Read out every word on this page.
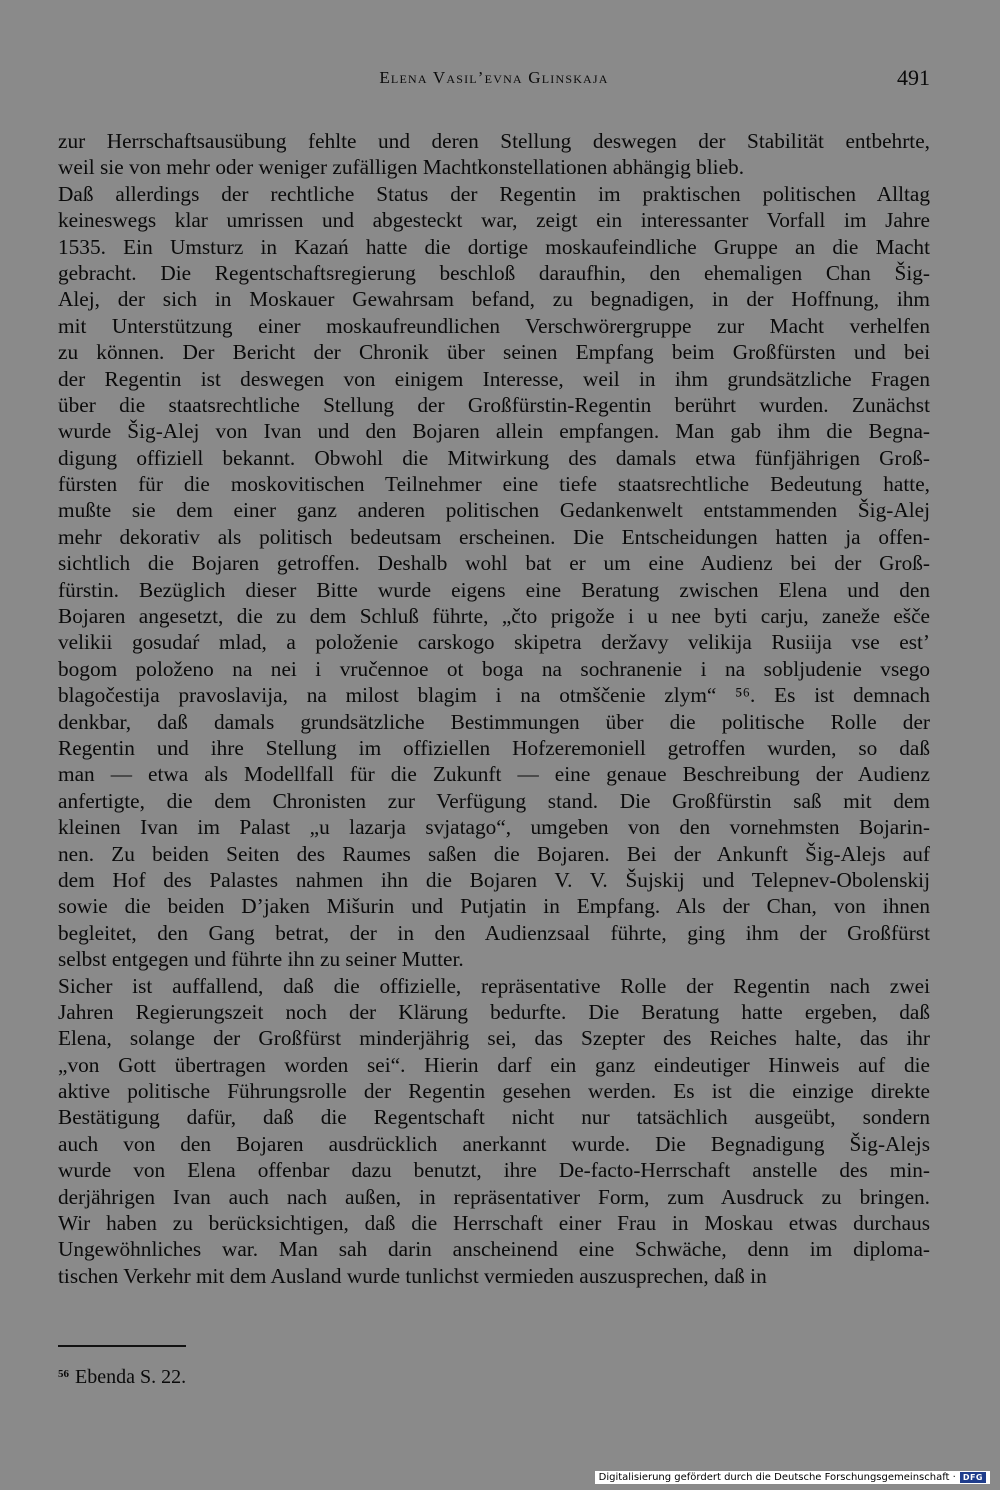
Elena Vasil’evna Glinskaja	491
zur Herrschaftsausübung fehlte und deren Stellung deswegen der Stabilität entbehrte,
weil sie von mehr oder weniger zufälligen Machtkonstellationen abhängig blieb.
Daß allerdings der rechtliche Status der Regentin im praktischen politischen Alltag
keineswegs klar umrissen und abgesteckt war, zeigt ein interessanter Vorfall im Jahre
1535. Ein Umsturz in Kazań hatte die dortige moskaufeindliche Gruppe an die Macht
gebracht. Die Regentschaftsregierung beschloß daraufhin, den ehemaligen Chan Šig-
Alej, der sich in Moskauer Gewahrsam befand, zu begnadigen, in der Hoffnung, ihm
mit Unterstützung einer moskaufreundlichen Verschwörergruppe zur Macht verhelfen
zu können. Der Bericht der Chronik über seinen Empfang beim Großfürsten und bei
der Regentin ist deswegen von einigem Interesse, weil in ihm grundsätzliche Fragen
über die staatsrechtliche Stellung der Großfürstin-Regentin berührt wurden. Zunächst
wurde Šig-Alej von Ivan und den Bojaren allein empfangen. Man gab ihm die Begna-
digung offiziell bekannt. Obwohl die Mitwirkung des damals etwa fünfjährigen Groß-
fürsten für die moskovitischen Teilnehmer eine tiefe staatsrechtliche Bedeutung hatte,
mußte sie dem einer ganz anderen politischen Gedankenwelt entstammenden Šig-Alej
mehr dekorativ als politisch bedeutsam erscheinen. Die Entscheidungen hatten ja offen-
sichtlich die Bojaren getroffen. Deshalb wohl bat er um eine Audienz bei der Groß-
fürstin. Bezüglich dieser Bitte wurde eigens eine Beratung zwischen Elena und den
Bojaren angesetzt, die zu dem Schluß führte, „čto prigože i u nee byti carju, zaneže ešče
velikii gosudaŕ mlad, a položenie carskogo skipetra deržavy velikija Rusiija vse est’
bogom položeno na nei i vručennoe ot boga na sochranenie i na sobljudenie vsego
blagočestija pravoslavija, na milost blagim i na otmščenie zlym“ ⁵⁶. Es ist demnach
denkbar, daß damals grundsätzliche Bestimmungen über die politische Rolle der
Regentin und ihre Stellung im offiziellen Hofzeremoniell getroffen wurden, so daß
man — etwa als Modellfall für die Zukunft — eine genaue Beschreibung der Audienz
anfertigte, die dem Chronisten zur Verfügung stand. Die Großfürstin saß mit dem
kleinen Ivan im Palast „u lazarja svjatago“, umgeben von den vornehmsten Bojarin-
nen. Zu beiden Seiten des Raumes saßen die Bojaren. Bei der Ankunft Šig-Alejs auf
dem Hof des Palastes nahmen ihn die Bojaren V. V. Šujskij und Telepnev-Obolenskij
sowie die beiden D’jaken Mišurin und Putjatin in Empfang. Als der Chan, von ihnen
begleitet, den Gang betrat, der in den Audienzsaal führte, ging ihm der Großfürst
selbst entgegen und führte ihn zu seiner Mutter.
Sicher ist auffallend, daß die offizielle, repräsentative Rolle der Regentin nach zwei
Jahren Regierungszeit noch der Klärung bedurfte. Die Beratung hatte ergeben, daß
Elena, solange der Großfürst minderjährig sei, das Szepter des Reiches halte, das ihr
„von Gott übertragen worden sei“. Hierin darf ein ganz eindeutiger Hinweis auf die
aktive politische Führungsrolle der Regentin gesehen werden. Es ist die einzige direkte
Bestätigung dafür, daß die Regentschaft nicht nur tatsächlich ausgeübt, sondern
auch von den Bojaren ausdrücklich anerkannt wurde. Die Begnadigung Šig-Alejs
wurde von Elena offenbar dazu benutzt, ihre De-facto-Herrschaft anstelle des min-
derjährigen Ivan auch nach außen, in repräsentativer Form, zum Ausdruck zu bringen.
Wir haben zu berücksichtigen, daß die Herrschaft einer Frau in Moskau etwas durchaus
Ungewöhnliches war. Man sah darin anscheinend eine Schwäche, denn im diploma-
tischen Verkehr mit dem Ausland wurde tunlichst vermieden auszusprechen, daß in
$^{56}$ Ebenda S. 22.
Digitalisierung gefördert durch die Deutsche Forschungsgemeinschaft · DFG
